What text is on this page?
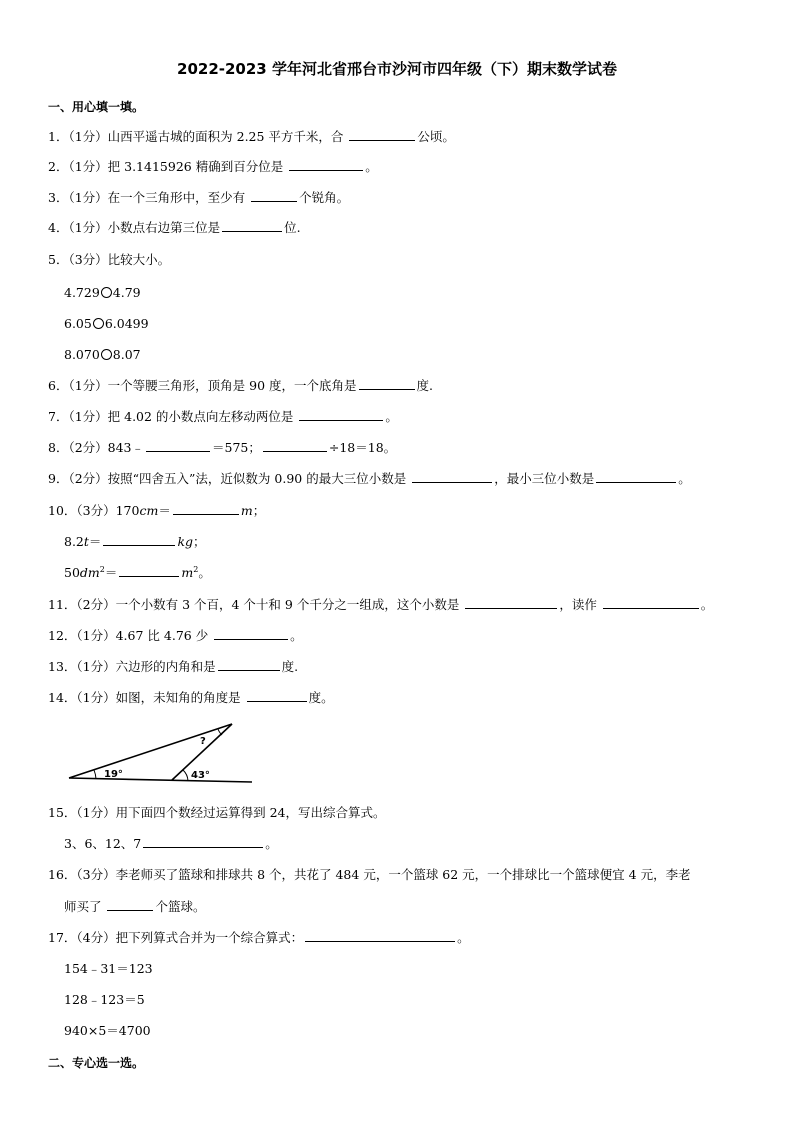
2022-2023 学年河北省邢台市沙河市四年级（下）期末数学试卷
一、用心填一填。
1．（1分）山西平遥古城的面积为 2.25 平方千米，合	公顷。
2．（1分）把 3.1415926 精确到百分位是	。
3．（1分）在一个三角形中，至少有	个锐角。
4．（1分）小数点右边第三位是	位.
5．（3分）比较大小。
4.729 4.79
6.05 6.0499
8.070 8.07
6．（1分）一个等腰三角形，顶角是 90 度，一个底角是	度.
7．（1分）把 4.02 的小数点向左移动两位是	。
8．（2分）843﹣	＝575；	÷18＝18。
9．（2分）按照“四舍五入”法，近似数为 0.90 的最大三位小数是	，最小三位小数是	。
10．（3分）170cm＝	m；
8.2t＝	kg；
$50dm^2=$	$m^2$。
11．（2分）一个小数有 3 个百，4 个十和 9 个千分之一组成，这个小数是	，读作	。
12．（1分）4.67 比 4.76 少	。
13．（1分）六边形的内角和是	度.
14．（1分）如图，未知角的角度是	度。
19°	43°
?
15．（1分）用下面四个数经过运算得到 24，写出综合算式。
3、6、12、7	。
16．（3分）李老师买了篮球和排球共 8 个，共花了 484 元，一个篮球 62 元，一个排球比一个篮球便宜 4 元，李老
师买了	个篮球。
17．（4分）把下列算式合并为一个综合算式：	。
154﹣31＝123
128﹣123＝5
940×5＝4700
二、专心选一选。
